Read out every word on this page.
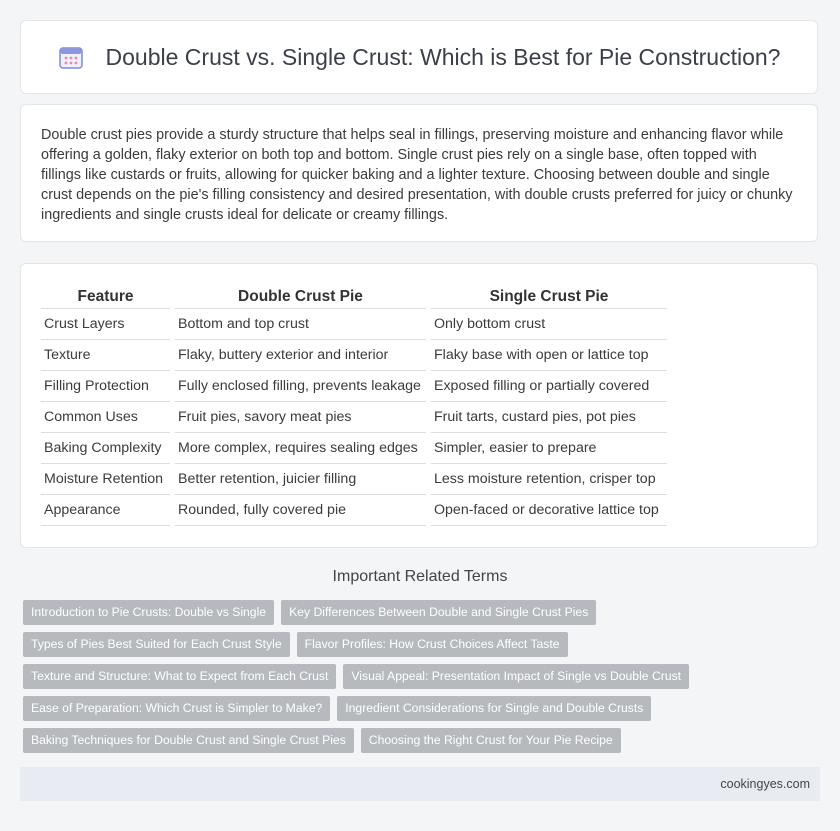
Double Crust vs. Single Crust: Which is Best for Pie Construction?

Double crust pies provide a sturdy structure that helps seal in fillings, preserving moisture and enhancing flavor while offering a golden, flaky exterior on both top and bottom. Single crust pies rely on a single base, often topped with fillings like custards or fruits, allowing for quicker baking and a lighter texture. Choosing between double and single crust depends on the pie's filling consistency and desired presentation, with double crusts preferred for juicy or chunky ingredients and single crusts ideal for delicate or creamy fillings.

Feature	Double Crust Pie	Single Crust Pie
Crust Layers	Bottom and top crust	Only bottom crust
Texture	Flaky, buttery exterior and interior	Flaky base with open or lattice top
Filling Protection	Fully enclosed filling, prevents leakage	Exposed filling or partially covered
Common Uses	Fruit pies, savory meat pies	Fruit tarts, custard pies, pot pies
Baking Complexity	More complex, requires sealing edges	Simpler, easier to prepare
Moisture Retention	Better retention, juicier filling	Less moisture retention, crisper top
Appearance	Rounded, fully covered pie	Open-faced or decorative lattice top
Important Related Terms
Introduction to Pie Crusts: Double vs Single	Key Differences Between Double and Single Crust Pies
Types of Pies Best Suited for Each Crust Style	Flavor Profiles: How Crust Choices Affect Taste
Texture and Structure: What to Expect from Each Crust	Visual Appeal: Presentation Impact of Single vs Double Crust
Ease of Preparation: Which Crust is Simpler to Make?	Ingredient Considerations for Single and Double Crusts
Baking Techniques for Double Crust and Single Crust Pies	Choosing the Right Crust for Your Pie Recipe
cookingyes.com
